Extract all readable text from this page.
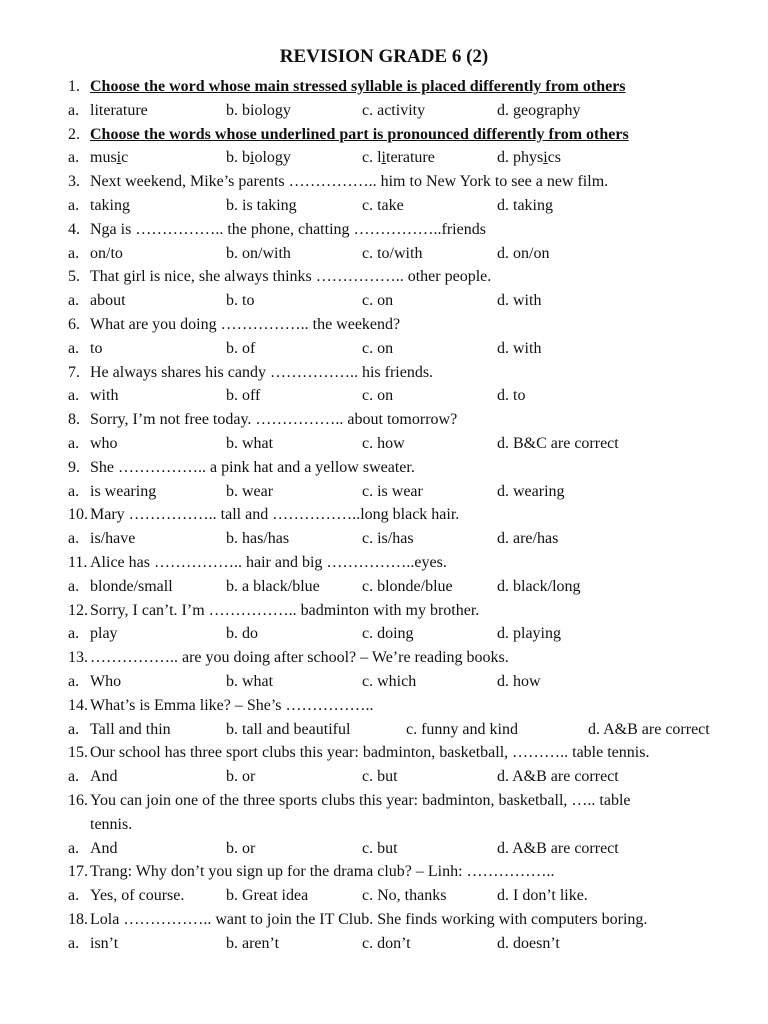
REVISION GRADE 6 (2)
1. Choose the word whose main stressed syllable is placed differently from others
a. literature	b. biology	c. activity	d. geography
2. Choose the words whose underlined part is pronounced differently from others
a. music	b. biology	c. literature	d. physics
3. Next weekend, Mike’s parents …………….. him to New York to see a new film.
a. taking	b. is taking	c. take	d. taking
4. Nga is …………….. the phone, chatting ……………..friends
a. on/to	b. on/with	c. to/with	d. on/on
5. That girl is nice, she always thinks …………….. other people.
a. about	b. to	c. on	d. with
6. What are you doing …………….. the weekend?
a. to	b. of	c. on	d. with
7. He always shares his candy …………….. his friends.
a. with	b. off	c. on	d. to
8. Sorry, I’m not free today. …………….. about tomorrow?
a. who	b. what	c. how	d. B&C are correct
9. She …………….. a pink hat and a yellow sweater.
a. is wearing	b. wear	c. is wear	d. wearing
10. Mary …………….. tall and ……………..long black hair.
a. is/have	b. has/has	c. is/has	d. are/has
11. Alice has …………….. hair and big ……………..eyes.
a. blonde/small	b. a black/blue	c. blonde/blue	d. black/long
12. Sorry, I can’t. I’m …………….. badminton with my brother.
a. play	b. do	c. doing	d. playing
13. …………….. are you doing after school? – We’re reading books.
a. Who	b. what	c. which	d. how
14. What’s is Emma like? – She’s ……………..
a. Tall and thin	b. tall and beautiful	c. funny and kind	d. A&B are correct
15. Our school has three sport clubs this year: badminton, basketball, ……….. table tennis.
a. And	b. or	c. but	d. A&B are correct
16. You can join one of the three sports clubs this year: badminton, basketball, ….. table
tennis.
a. And	b. or	c. but	d. A&B are correct
17. Trang: Why don’t you sign up for the drama club? – Linh: ……………..
a. Yes, of course.	b. Great idea	c. No, thanks	d. I don’t like.
18. Lola …………….. want to join the IT Club. She finds working with computers boring.
a. isn’t	b. aren’t	c. don’t	d. doesn’t
